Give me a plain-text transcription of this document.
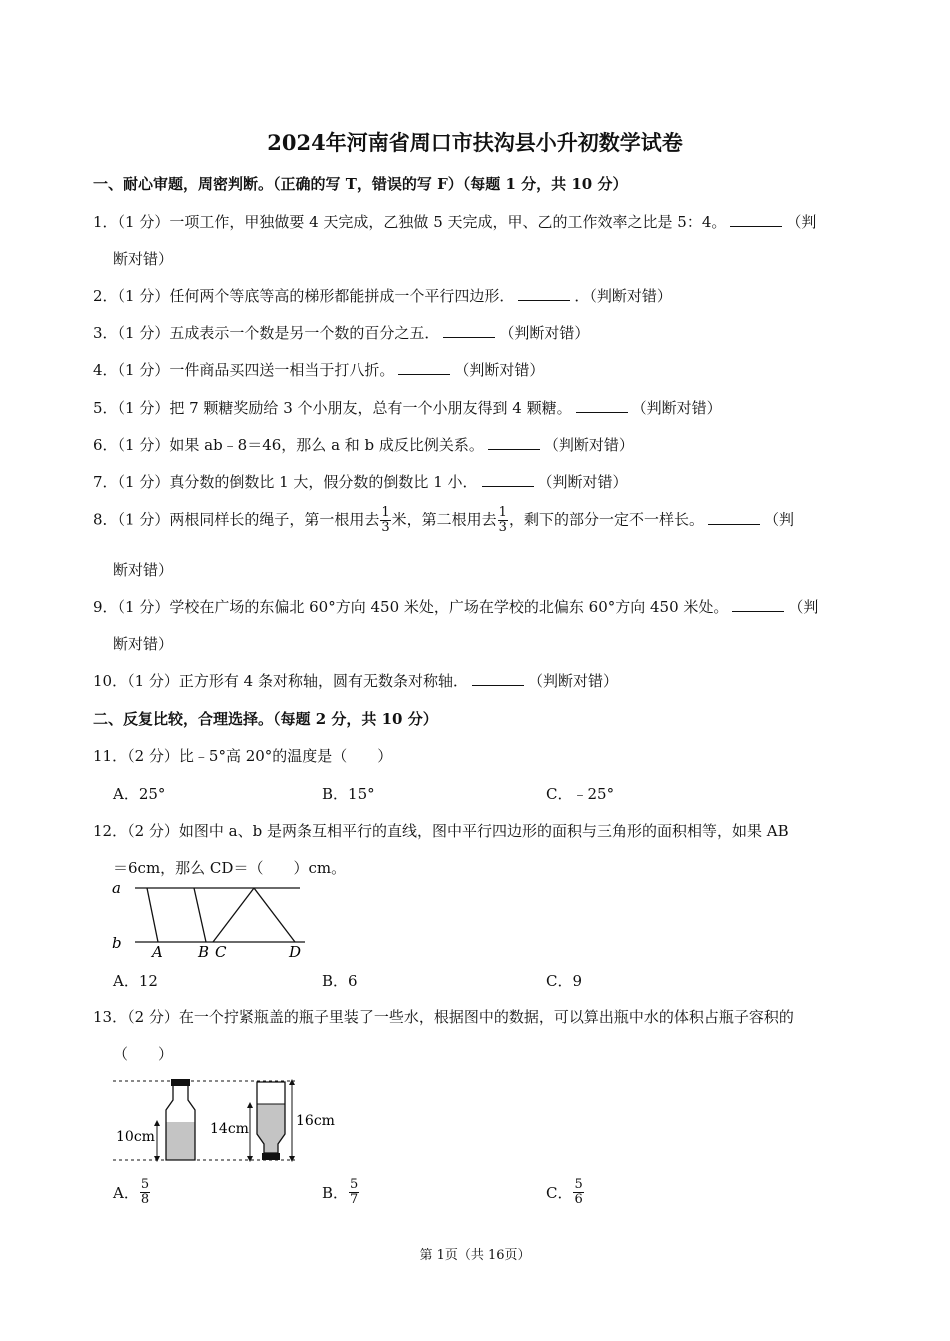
2024年河南省周口市扶沟县小升初数学试卷
一、耐心审题，周密判断。（正确的写 T，错误的写 F）（每题 1 分，共 10 分）
1．（1 分）一项工作，甲独做要 4 天完成，乙独做 5 天完成，甲、乙的工作效率之比是 5：4。	（判
断对错）
2．（1 分）任何两个等底等高的梯形都能拼成一个平行四边形．	．（判断对错）
3．（1 分）五成表示一个数是另一个数的百分之五．	（判断对错）
4．（1 分）一件商品买四送一相当于打八折。	（判断对错）
5．（1 分）把 7 颗糖奖励给 3 个小朋友，总有一个小朋友得到 4 颗糖。	（判断对错）
6．（1 分）如果 ab﹣8＝46，那么 a 和 b 成反比例关系。	（判断对错）
7．（1 分）真分数的倒数比 1 大，假分数的倒数比 1 小．	（判断对错）
8．（1 分）两根同样长的绳子，第一根用去 $\frac{1}{3}$ 米，第二根用去 $\frac{1}{3}$ ，剩下的部分一定不一样长。	（判
断对错）
9．（1 分）学校在广场的东偏北 60°方向 450 米处，广场在学校的北偏东 60°方向 450 米处。	（判
断对错）
10．（1 分）正方形有 4 条对称轴，圆有无数条对称轴．	（判断对错）
二、反复比较，合理选择。（每题 2 分，共 10 分）
11．（2 分）比﹣5°高 20°的温度是（　　）
A．25°	B．15°	C．﹣25°
12．（2 分）如图中 a、b 是两条互相平行的直线，图中平行四边形的面积与三角形的面积相等，如果 AB
＝6cm，那么 CD＝（　　）cm。
a
b A B C	D
A．12	B．6	C．9
13．（2 分）在一个拧紧瓶盖的瓶子里装了一些水，根据图中的数据，可以算出瓶中水的体积占瓶子容积的
（　　）
10cm	14cm	16cm
A． $\frac{5}{8}$	B． $\frac{5}{7}$	C． $\frac{5}{6}$
第 1页（共 16页）
